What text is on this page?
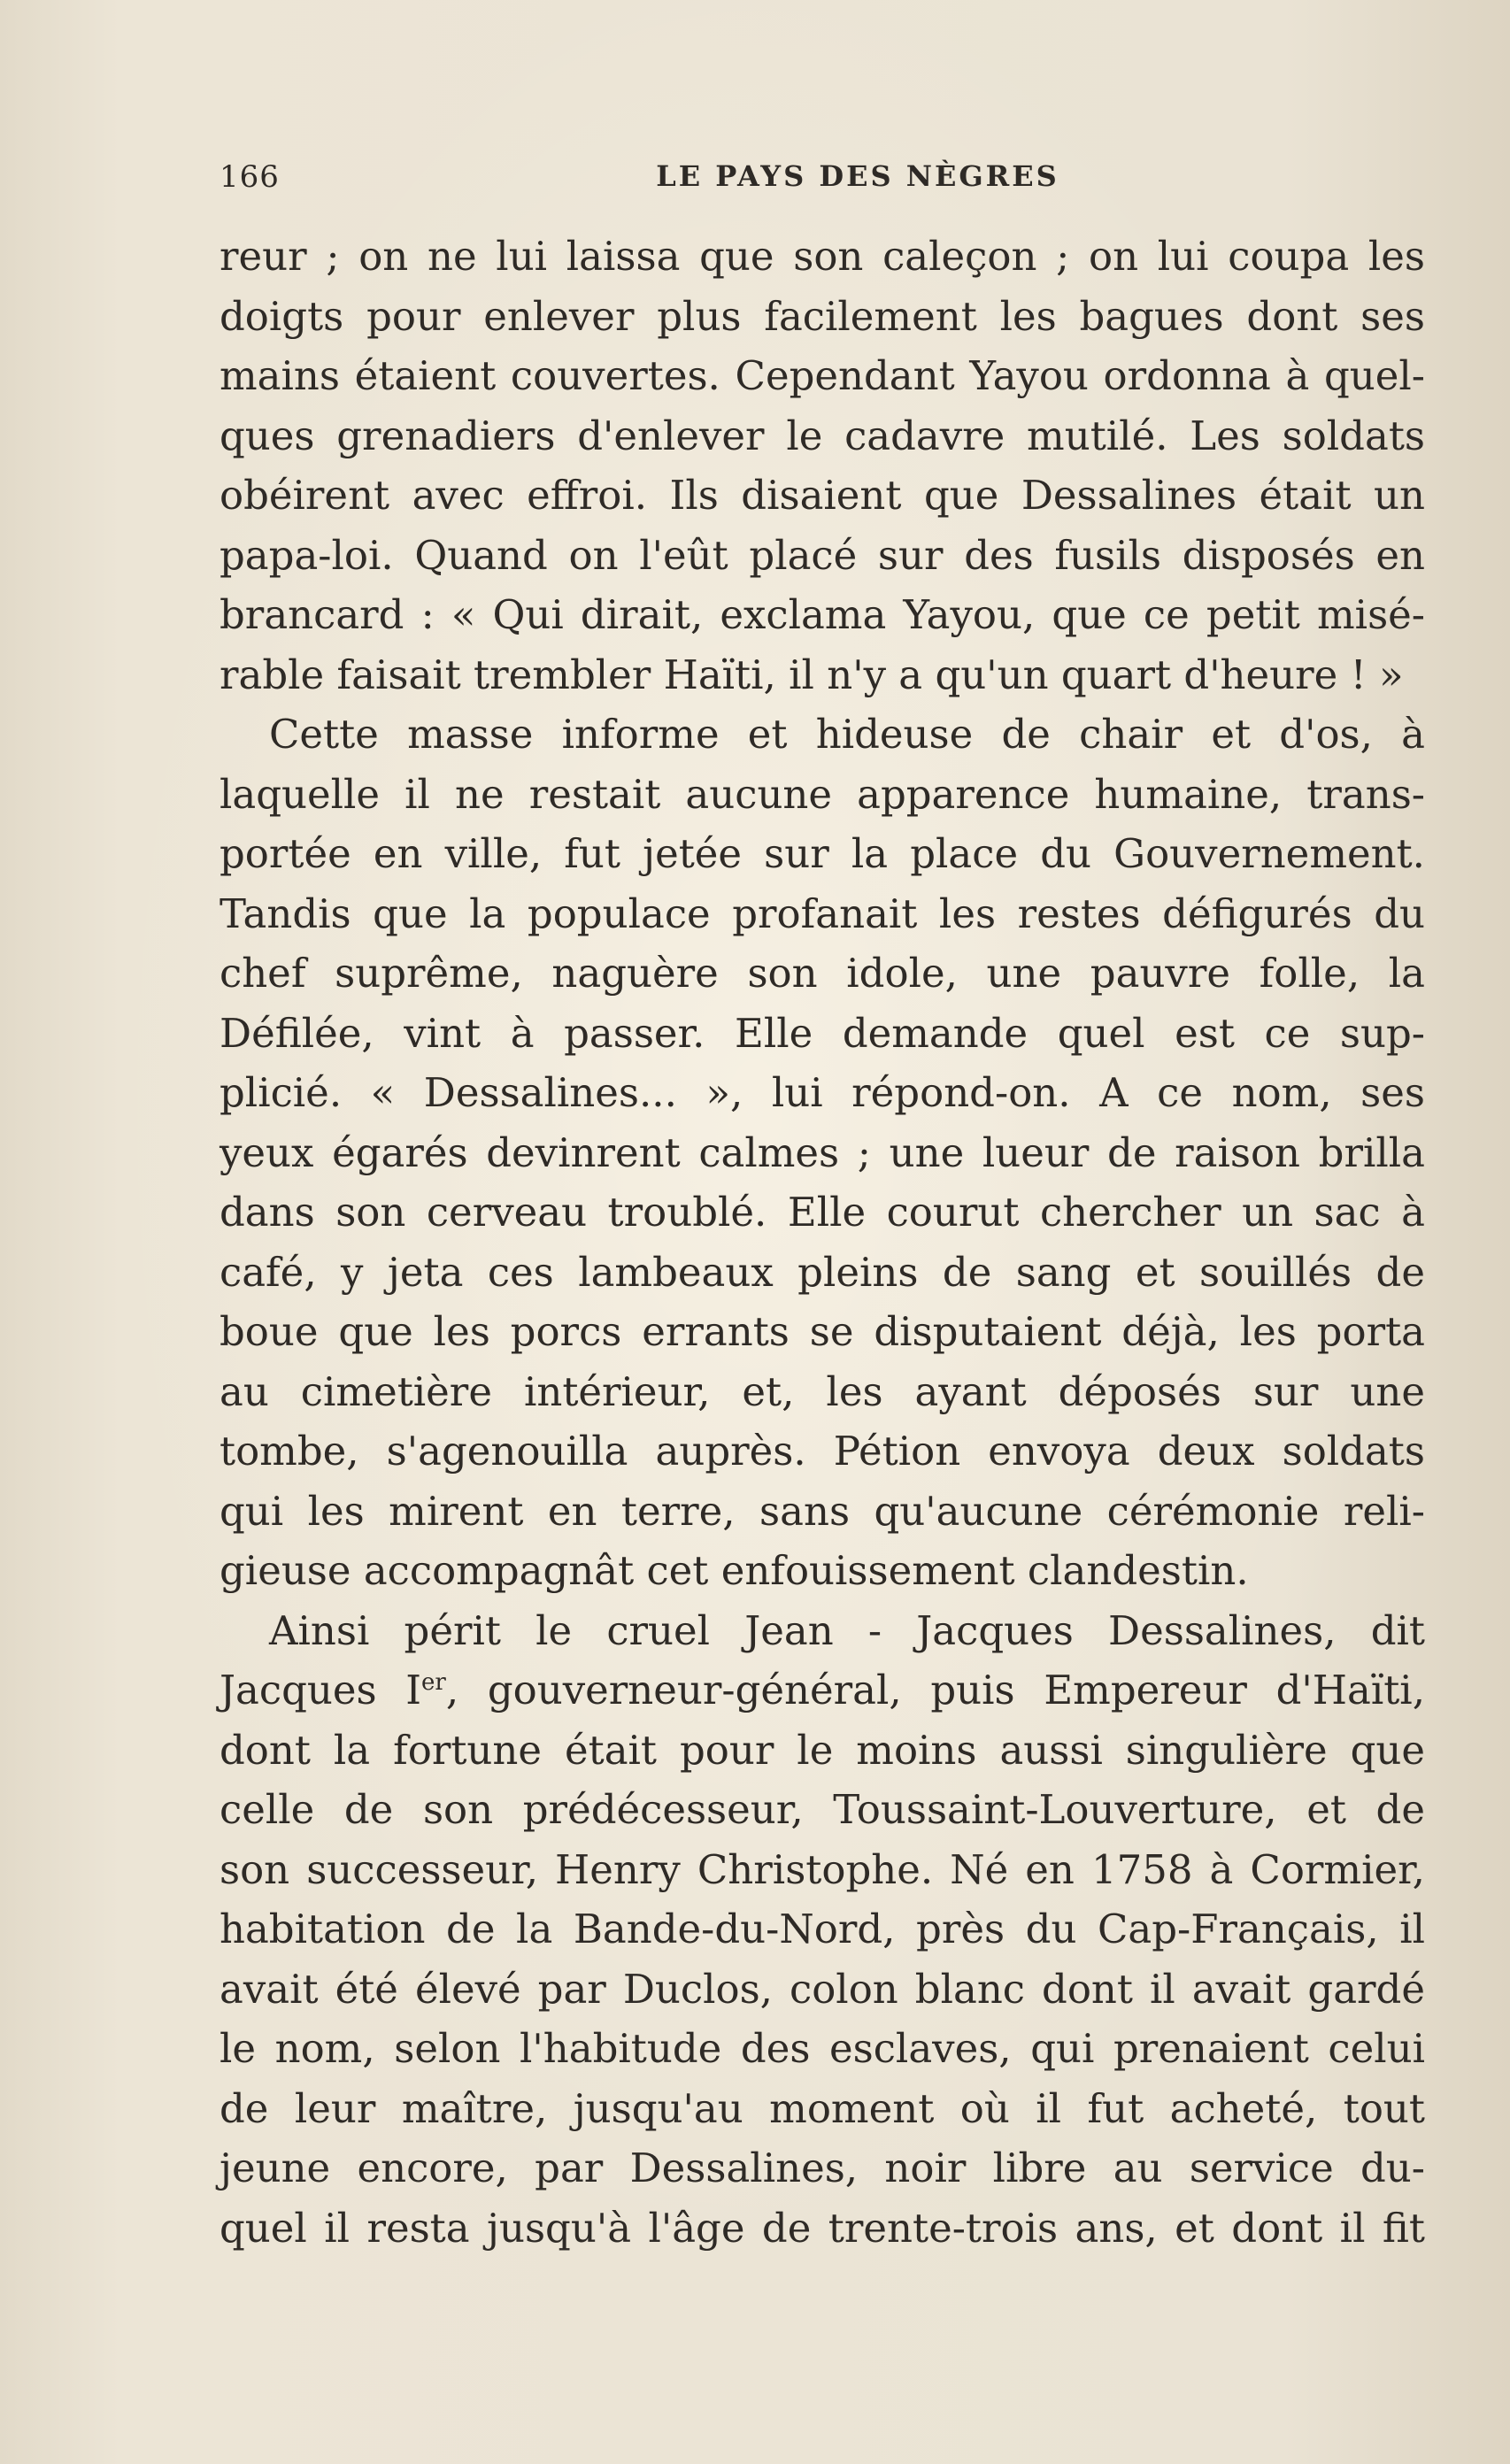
166	LE PAYS DES NÈGRES
reur ; on ne lui laissa que son caleçon ; on lui coupa les
doigts pour enlever plus facilement les bagues dont ses
mains étaient couvertes. Cependant Yayou ordonna à quel-
ques grenadiers d'enlever le cadavre mutilé. Les soldats
obéirent avec effroi. Ils disaient que Dessalines était un
papa-loi. Quand on l'eût placé sur des fusils disposés en
brancard : « Qui dirait, exclama Yayou, que ce petit misé-
rable faisait trembler Haïti, il n'y a qu'un quart d'heure ! »
Cette masse informe et hideuse de chair et d'os, à
laquelle il ne restait aucune apparence humaine, trans-
portée en ville, fut jetée sur la place du Gouvernement.
Tandis que la populace profanait les restes défigurés du
chef suprême, naguère son idole, une pauvre folle, la
Défilée, vint à passer. Elle demande quel est ce sup-
plicié. « Dessalines... », lui répond-on. A ce nom, ses
yeux égarés devinrent calmes ; une lueur de raison brilla
dans son cerveau troublé. Elle courut chercher un sac à
café, y jeta ces lambeaux pleins de sang et souillés de
boue que les porcs errants se disputaient déjà, les porta
au cimetière intérieur, et, les ayant déposés sur une
tombe, s'agenouilla auprès. Pétion envoya deux soldats
qui les mirent en terre, sans qu'aucune cérémonie reli-
gieuse accompagnât cet enfouissement clandestin.
Ainsi périt le cruel Jean - Jacques Dessalines, dit
Jacques Ier, gouverneur-général, puis Empereur d'Haïti,
dont la fortune était pour le moins aussi singulière que
celle de son prédécesseur, Toussaint-Louverture, et de
son successeur, Henry Christophe. Né en 1758 à Cormier,
habitation de la Bande-du-Nord, près du Cap-Français, il
avait été élevé par Duclos, colon blanc dont il avait gardé
le nom, selon l'habitude des esclaves, qui prenaient celui
de leur maître, jusqu'au moment où il fut acheté, tout
jeune encore, par Dessalines, noir libre au service du-
quel il resta jusqu'à l'âge de trente-trois ans, et dont il fit
